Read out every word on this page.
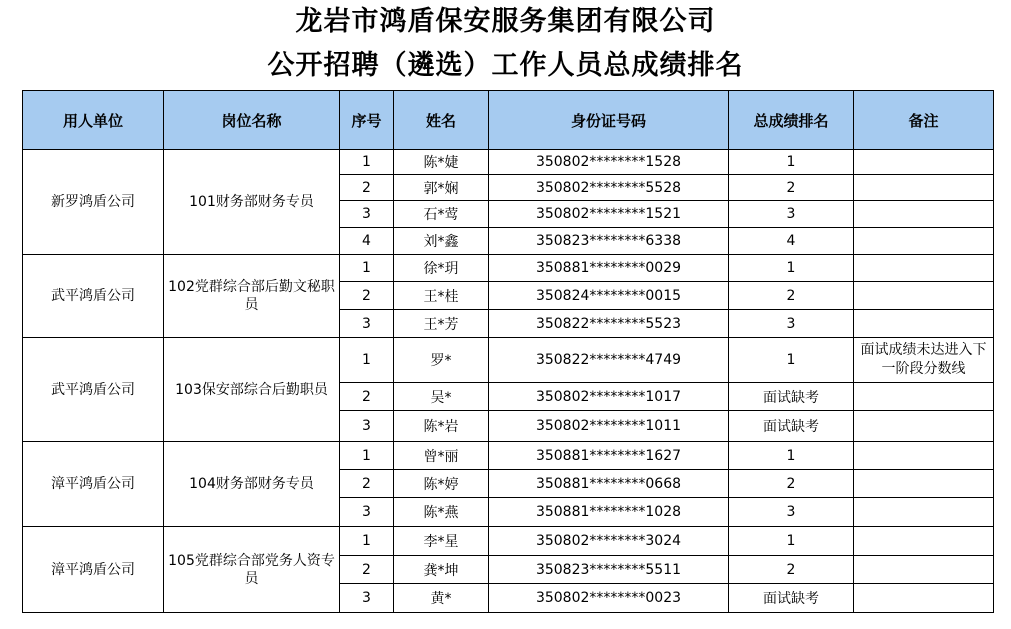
龙岩市鸿盾保安服务集团有限公司
公开招聘（遴选）工作人员总成绩排名
用人单位	岗位名称	序号	姓名	身份证号码	总成绩排名	备注
新罗鸿盾公司	101财务部财务专员	1	陈*婕	350802********1528	1	
		2	郭*娴	350802********5528	2	
		3	石*莺	350802********1521	3	
		4	刘*鑫	350823********6338	4	
武平鸿盾公司	102党群综合部后勤文秘职员	1	徐*玥	350881********0029	1	
		2	王*桂	350824********0015	2	
		3	王*芳	350822********5523	3	
武平鸿盾公司	103保安部综合后勤职员	1	罗*	350822********4749	1	面试成绩未达进入下一阶段分数线
		2	吴*	350802********1017	面试缺考	
		3	陈*岩	350802********1011	面试缺考	
漳平鸿盾公司	104财务部财务专员	1	曾*丽	350881********1627	1	
		2	陈*婷	350881********0668	2	
		3	陈*燕	350881********1028	3	
漳平鸿盾公司	105党群综合部党务人资专员	1	李*星	350802********3024	1	
		2	龚*坤	350823********5511	2	
		3	黄*	350802********0023	面试缺考	
